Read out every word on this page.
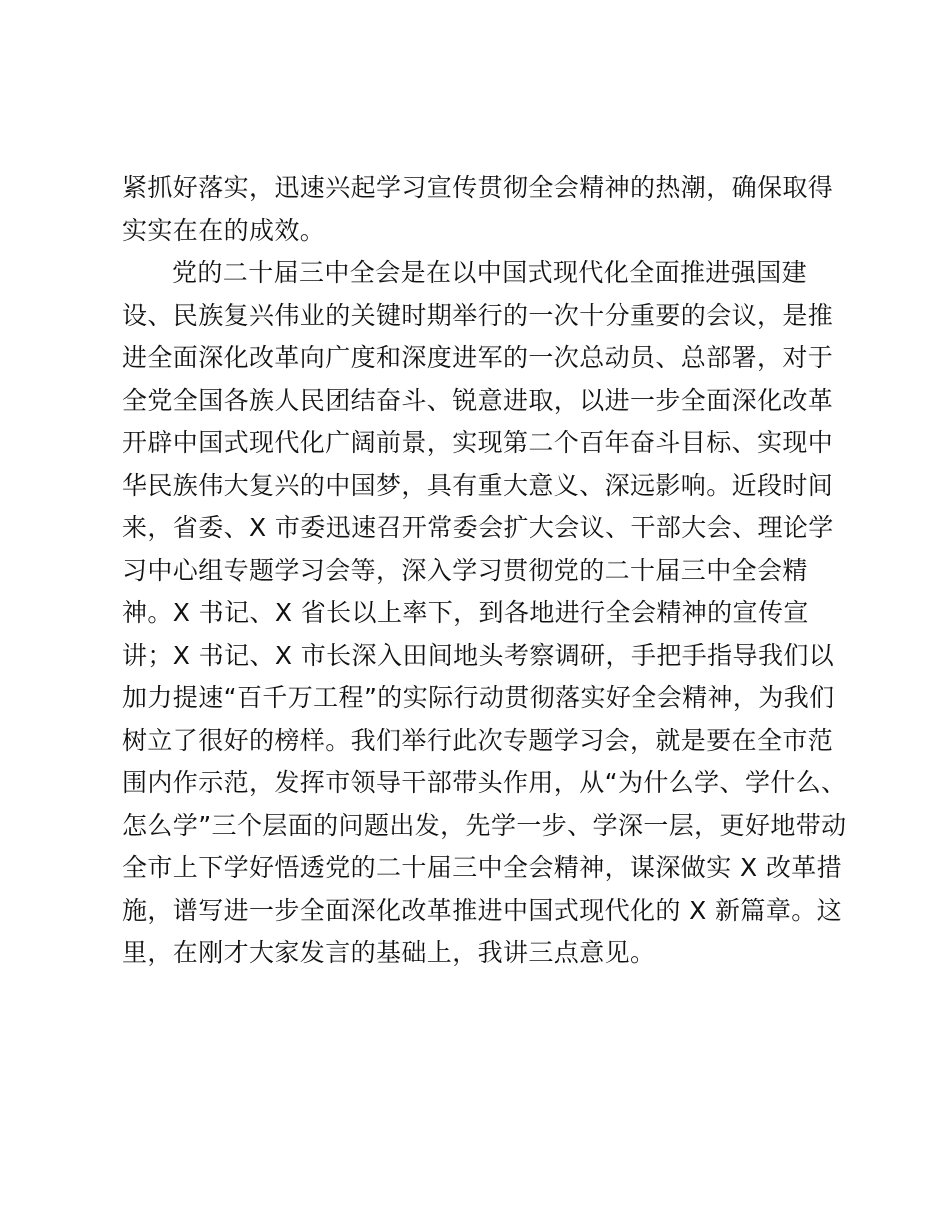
紧抓好落实，迅速兴起学习宣传贯彻全会精神的热潮，确保取得
实实在在的成效。
党的二十届三中全会是在以中国式现代化全面推进强国建
设、民族复兴伟业的关键时期举行的一次十分重要的会议，是推
进全面深化改革向广度和深度进军的一次总动员、总部署，对于
全党全国各族人民团结奋斗、锐意进取，以进一步全面深化改革
开辟中国式现代化广阔前景，实现第二个百年奋斗目标、实现中
华民族伟大复兴的中国梦，具有重大意义、深远影响。近段时间
来，省委、X 市委迅速召开常委会扩大会议、干部大会、理论学
习中心组专题学习会等，深入学习贯彻党的二十届三中全会精
神。X 书记、X 省长以上率下，到各地进行全会精神的宣传宣
讲；X 书记、X 市长深入田间地头考察调研，手把手指导我们以
加力提速“百千万工程”的实际行动贯彻落实好全会精神，为我们
树立了很好的榜样。我们举行此次专题学习会，就是要在全市范
围内作示范，发挥市领导干部带头作用，从“为什么学、学什么、
怎么学”三个层面的问题出发，先学一步、学深一层，更好地带动
全市上下学好悟透党的二十届三中全会精神，谋深做实 X 改革措
施，谱写进一步全面深化改革推进中国式现代化的 X 新篇章。这
里，在刚才大家发言的基础上，我讲三点意见。
